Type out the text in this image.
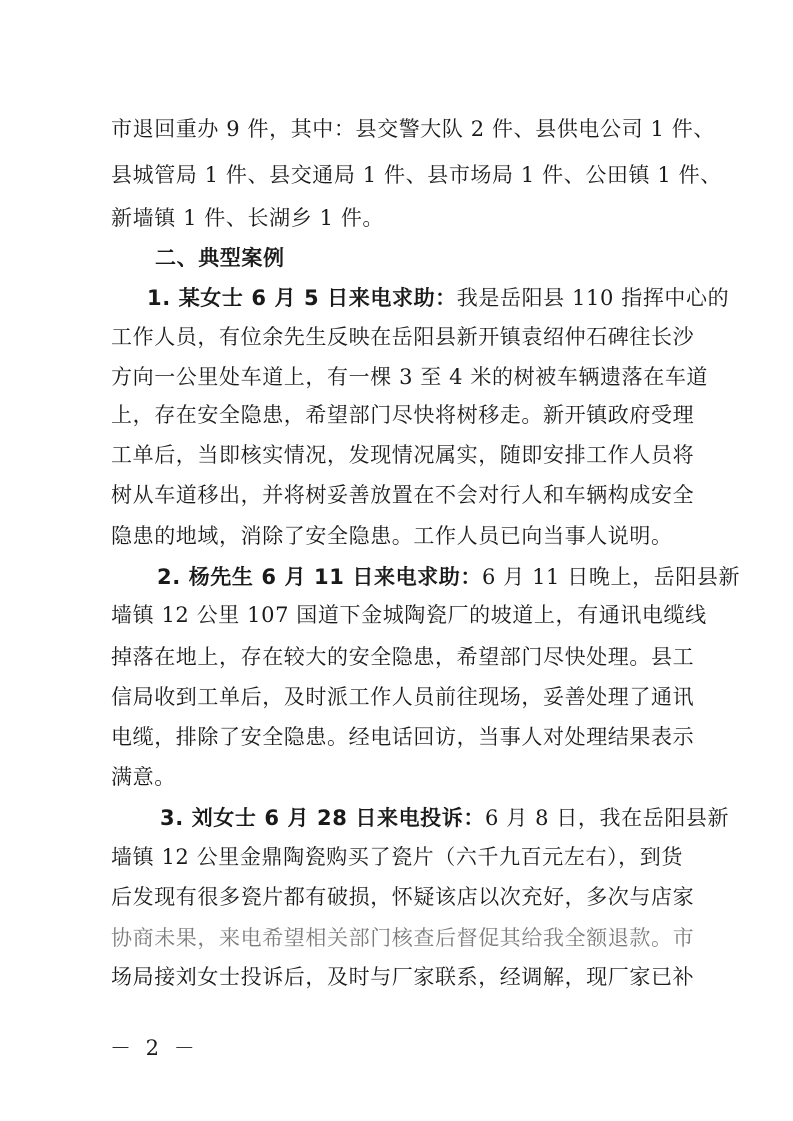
市退回重办 9 件，其中：县交警大队 2 件、县供电公司 1 件、
县城管局 1 件、县交通局 1 件、县市场局 1 件、公田镇 1 件、
新墙镇 1 件、长湖乡 1 件。
二、典型案例
1. 某女士 6 月 5 日来电求助：我是岳阳县 110 指挥中心的
工作人员，有位余先生反映在岳阳县新开镇袁绍仲石碑往长沙
方向一公里处车道上，有一棵 3 至 4 米的树被车辆遗落在车道
上，存在安全隐患，希望部门尽快将树移走。新开镇政府受理
工单后，当即核实情况，发现情况属实，随即安排工作人员将
树从车道移出，并将树妥善放置在不会对行人和车辆构成安全
隐患的地域，消除了安全隐患。工作人员已向当事人说明。
2. 杨先生 6 月 11 日来电求助：6 月 11 日晚上，岳阳县新
墙镇 12 公里 107 国道下金城陶瓷厂的坡道上，有通讯电缆线
掉落在地上，存在较大的安全隐患，希望部门尽快处理。县工
信局收到工单后，及时派工作人员前往现场，妥善处理了通讯
电缆，排除了安全隐患。经电话回访，当事人对处理结果表示
满意。
3. 刘女士 6 月 28 日来电投诉：6 月 8 日，我在岳阳县新
墙镇 12 公里金鼎陶瓷购买了瓷片（六千九百元左右），到货
后发现有很多瓷片都有破损，怀疑该店以次充好，多次与店家
协商未果，来电希望相关部门核查后督促其给我全额退款。市
场局接刘女士投诉后，及时与厂家联系，经调解，现厂家已补
－ 2 －
